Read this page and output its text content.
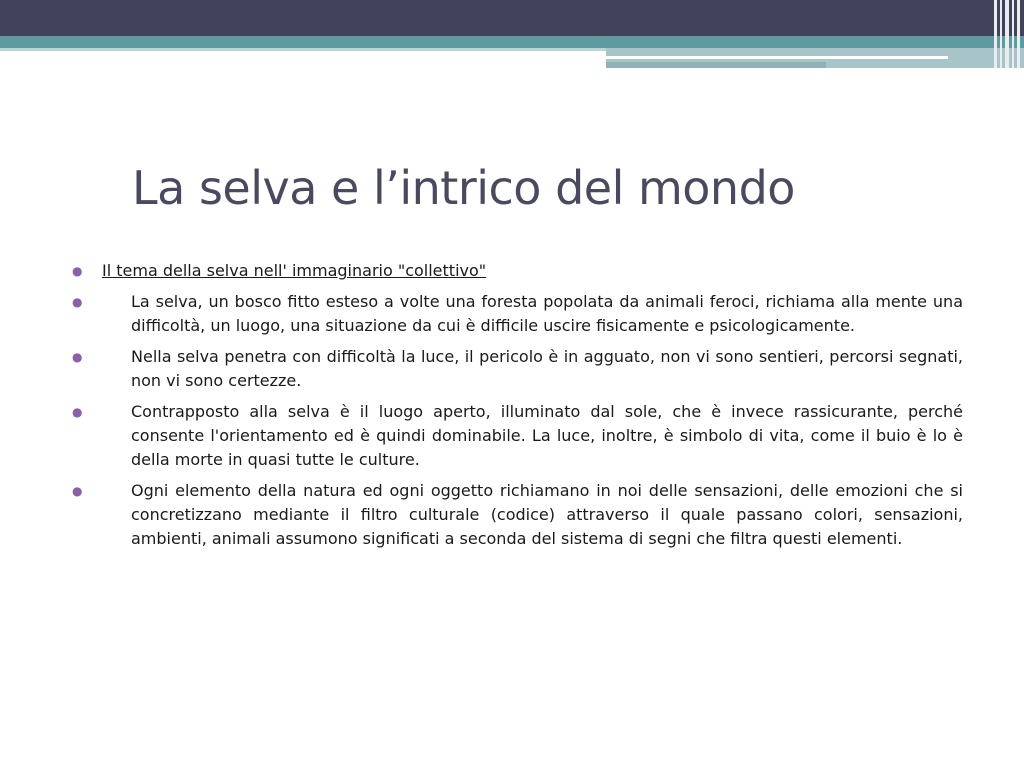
La selva e l’intrico del mondo
● Il tema della selva nell' immaginario "collettivo"
●	La selva, un bosco fitto esteso a volte una foresta popolata da animali feroci, richiama alla mente una difficoltà, un luogo, una situazione da cui è difficile uscire fisicamente e psicologicamente.
●	Nella selva penetra con difficoltà la luce, il pericolo è in agguato, non vi sono sentieri, percorsi segnati, non vi sono certezze.
●	Contrapposto alla selva è il luogo aperto, illuminato dal sole, che è invece rassicurante, perché consente l'orientamento ed è quindi dominabile. La luce, inoltre, è simbolo di vita, come il buio è lo è della morte in quasi tutte le culture.
●	Ogni elemento della natura ed ogni oggetto richiamano in noi delle sensazioni, delle emozioni che si concretizzano mediante il filtro culturale (codice) attraverso il quale passano colori, sensazioni, ambienti, animali assumono significati a seconda del sistema di segni che filtra questi elementi.
